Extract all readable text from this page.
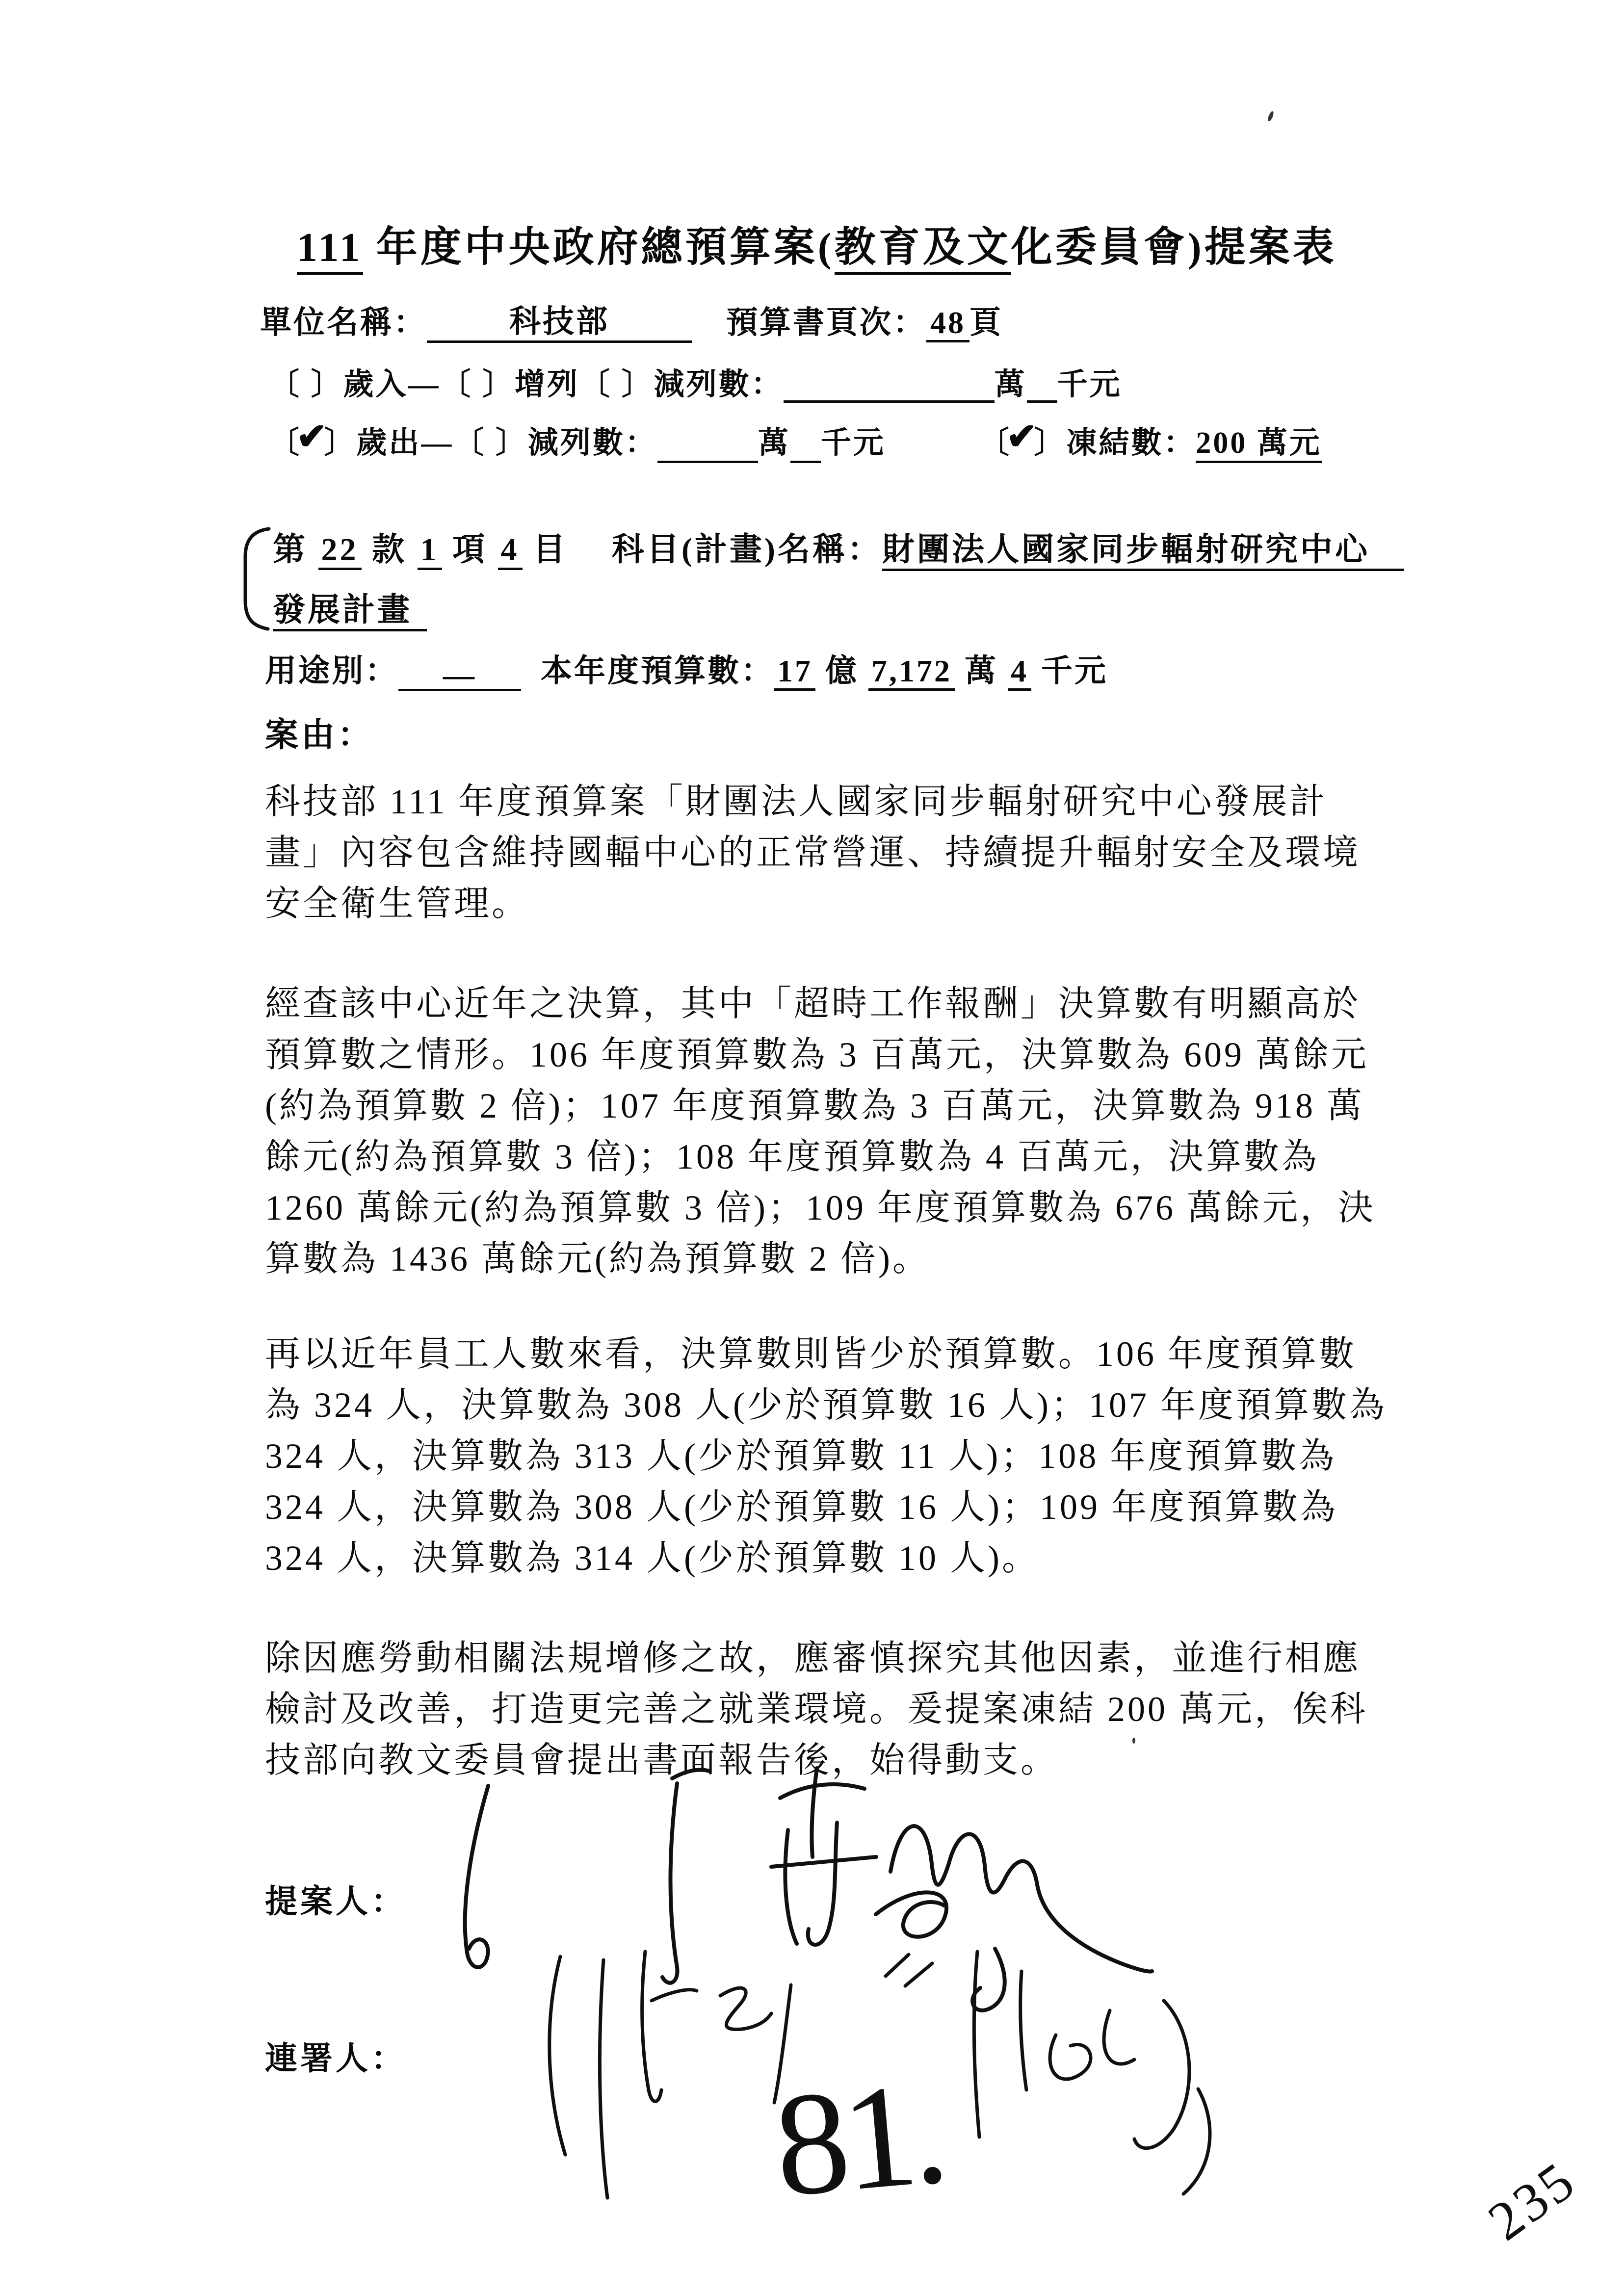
111 年度中央政府總預算案(教育及文化委員會)提案表
單位名稱：	科技部	預算書頁次： 48 頁
〔 〕歲入—〔 〕增列〔 〕減列數：	萬 千元
〔✔〕歲出—〔 〕減列數：	萬 千元	〔✔〕凍結數：200 萬元
第 22 款 1 項 4 目 科目(計畫)名稱：財團法人國家同步輻射研究中心
發展計畫
用途別： — 本年度預算數：17 億 7,172 萬 4 千元
案由：
科技部 111 年度預算案「財團法人國家同步輻射研究中心發展計
畫」內容包含維持國輻中心的正常營運、持續提升輻射安全及環境
安全衛生管理。
經查該中心近年之決算，其中「超時工作報酬」決算數有明顯高於
預算數之情形。106 年度預算數為 3 百萬元，決算數為 609 萬餘元
(約為預算數 2 倍)；107 年度預算數為 3 百萬元，決算數為 918 萬
餘元(約為預算數 3 倍)；108 年度預算數為 4 百萬元，決算數為
1260 萬餘元(約為預算數 3 倍)；109 年度預算數為 676 萬餘元，決
算數為 1436 萬餘元(約為預算數 2 倍)。
再以近年員工人數來看，決算數則皆少於預算數。106 年度預算數
為 324 人，決算數為 308 人(少於預算數 16 人)；107 年度預算數為
324 人，決算數為 313 人(少於預算數 11 人)；108 年度預算數為
324 人，決算數為 308 人(少於預算數 16 人)；109 年度預算數為
324 人，決算數為 314 人(少於預算數 10 人)。
除因應勞動相關法規增修之故，應審慎探究其他因素，並進行相應
檢討及改善，打造更完善之就業環境。爰提案凍結 200 萬元，俟科
技部向教文委員會提出書面報告後，始得動支。
提案人：
連署人： 81.	235
